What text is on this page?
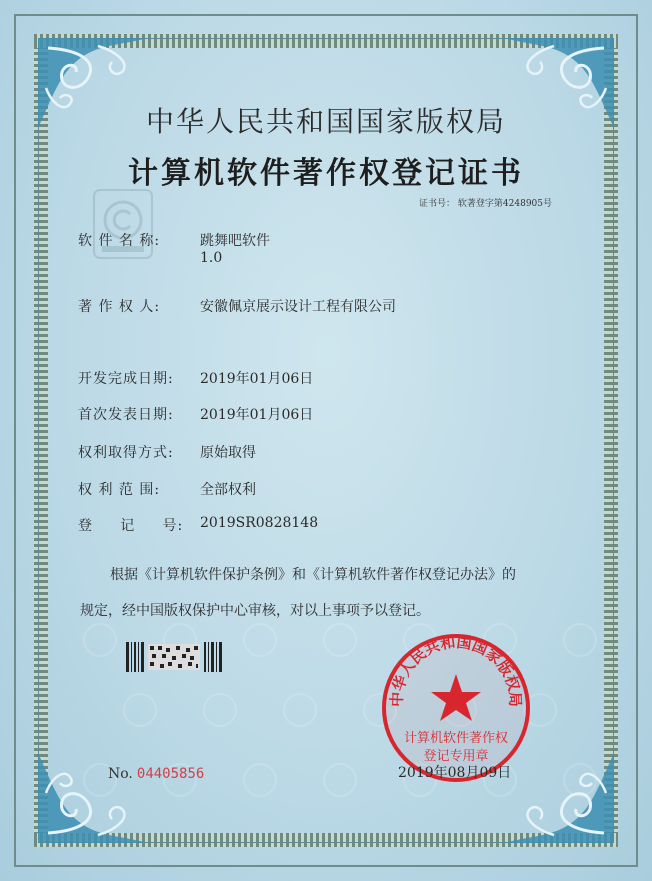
中华人民共和国国家版权局
计算机软件著作权登记证书
证书号： 软著登字第4248905号
软 件 名 称:	跳舞吧软件
1.0
著 作 权 人:	安徽佩京展示设计工程有限公司
开发完成日期: 2019年01月06日
首次发表日期: 2019年01月06日
权利取得方式: 原始取得
权 利 范 围:	全部权利
登     记     号: 2019SR0828148
根据《计算机软件保护条例》和《计算机软件著作权登记办法》的
规定，经中国版权保护中心审核，对以上事项予以登记。
No. 04405856
中华人民共和国国家版权局
计算机软件著作权
登记专用章
2019年08月09日
